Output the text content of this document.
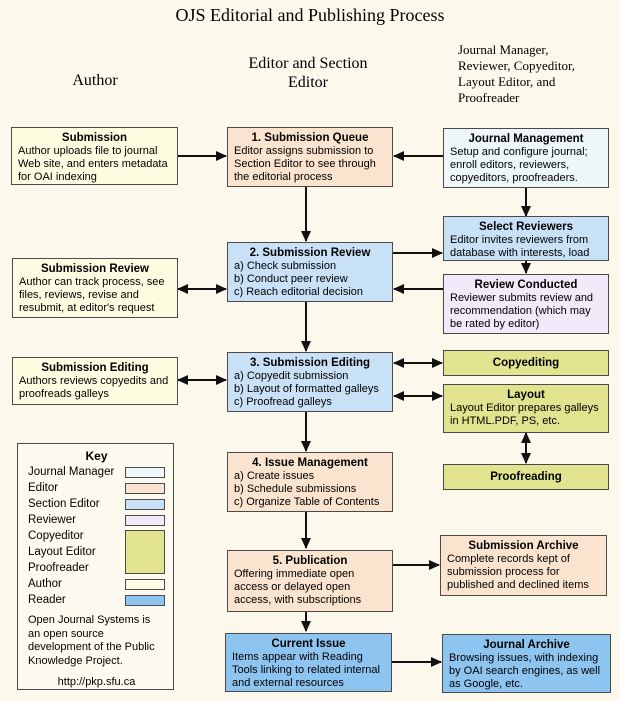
OJS Editorial and Publishing Process
Author
Editor and Section Editor
Journal Manager, Reviewer, Copyeditor, Layout Editor, and Proofreader
Submission
Author uploads file to journal Web site, and enters metadata for OAI indexing
Submission Review
Author can track process, see files, reviews, revise and resubmit, at editor's request
Submission Editing
Authors reviews copyedits and proofreads galleys
1. Submission Queue
Editor assigns submission to Section Editor to see through the editorial process
2. Submission Review
a) Check submission
b) Conduct peer review
c) Reach editorial decision
3. Submission Editing
a) Copyedit submission
b) Layout of formatted galleys
c) Proofread galleys
4. Issue Management
a) Create issues
b) Schedule submissions
c) Organize Table of Contents
5. Publication
Offering immediate open access or delayed open access, with subscriptions
Current Issue
Items appear with Reading Tools linking to related internal and external resources
Journal Management
Setup and configure journal; enroll editors, reviewers, copyeditors, proofreaders.
Select Reviewers
Editor invites reviewers from database with interests, load
Review Conducted
Reviewer submits review and recommendation (which may be rated by editor)
Copyediting
Layout
Layout Editor prepares galleys in HTML.PDF, PS, etc.
Proofreading
Submission Archive
Complete records kept of submission process for published and declined items
Journal Archive
Browsing issues, with indexing by OAI search engines, as well as Google, etc.
Key
Journal Manager
Editor
Section Editor
Reviewer
Copyeditor
Layout Editor
Proofreader
Author
Reader
Open Journal Systems is an open source development of the Public Knowledge Project.
http://pkp.sfu.ca
